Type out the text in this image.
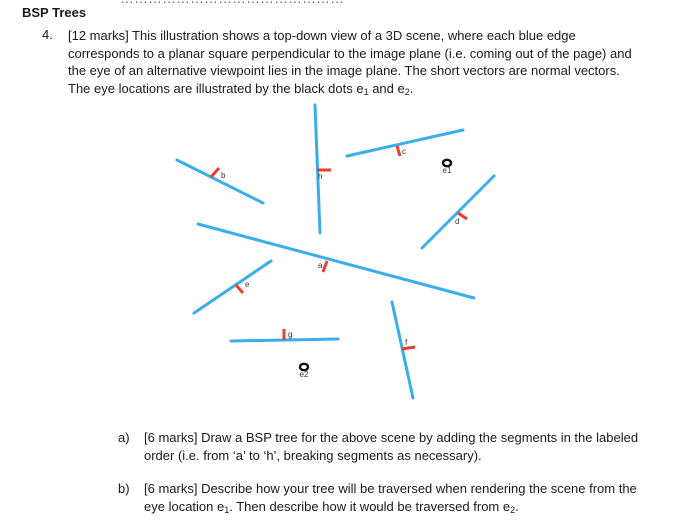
BSP Trees
4. [12 marks] This illustration shows a top-down view of a 3D scene, where each blue edge
corresponds to a planar square perpendicular to the image plane (i.e. coming out of the page) and
the eye of an alternative viewpoint lies in the image plane. The short vectors are normal vectors.
The eye locations are illustrated by the black dots $e_1$ and $e_2$.
a
b
c
d
e
f
g
h
e1
e2
a) [6 marks] Draw a BSP tree for the above scene by adding the segments in the labeled
order (i.e. from ‘a’ to ‘h’, breaking segments as necessary).
b) [6 marks] Describe how your tree will be traversed when rendering the scene from the
eye location $e_1$. Then describe how it would be traversed from $e_2$.
